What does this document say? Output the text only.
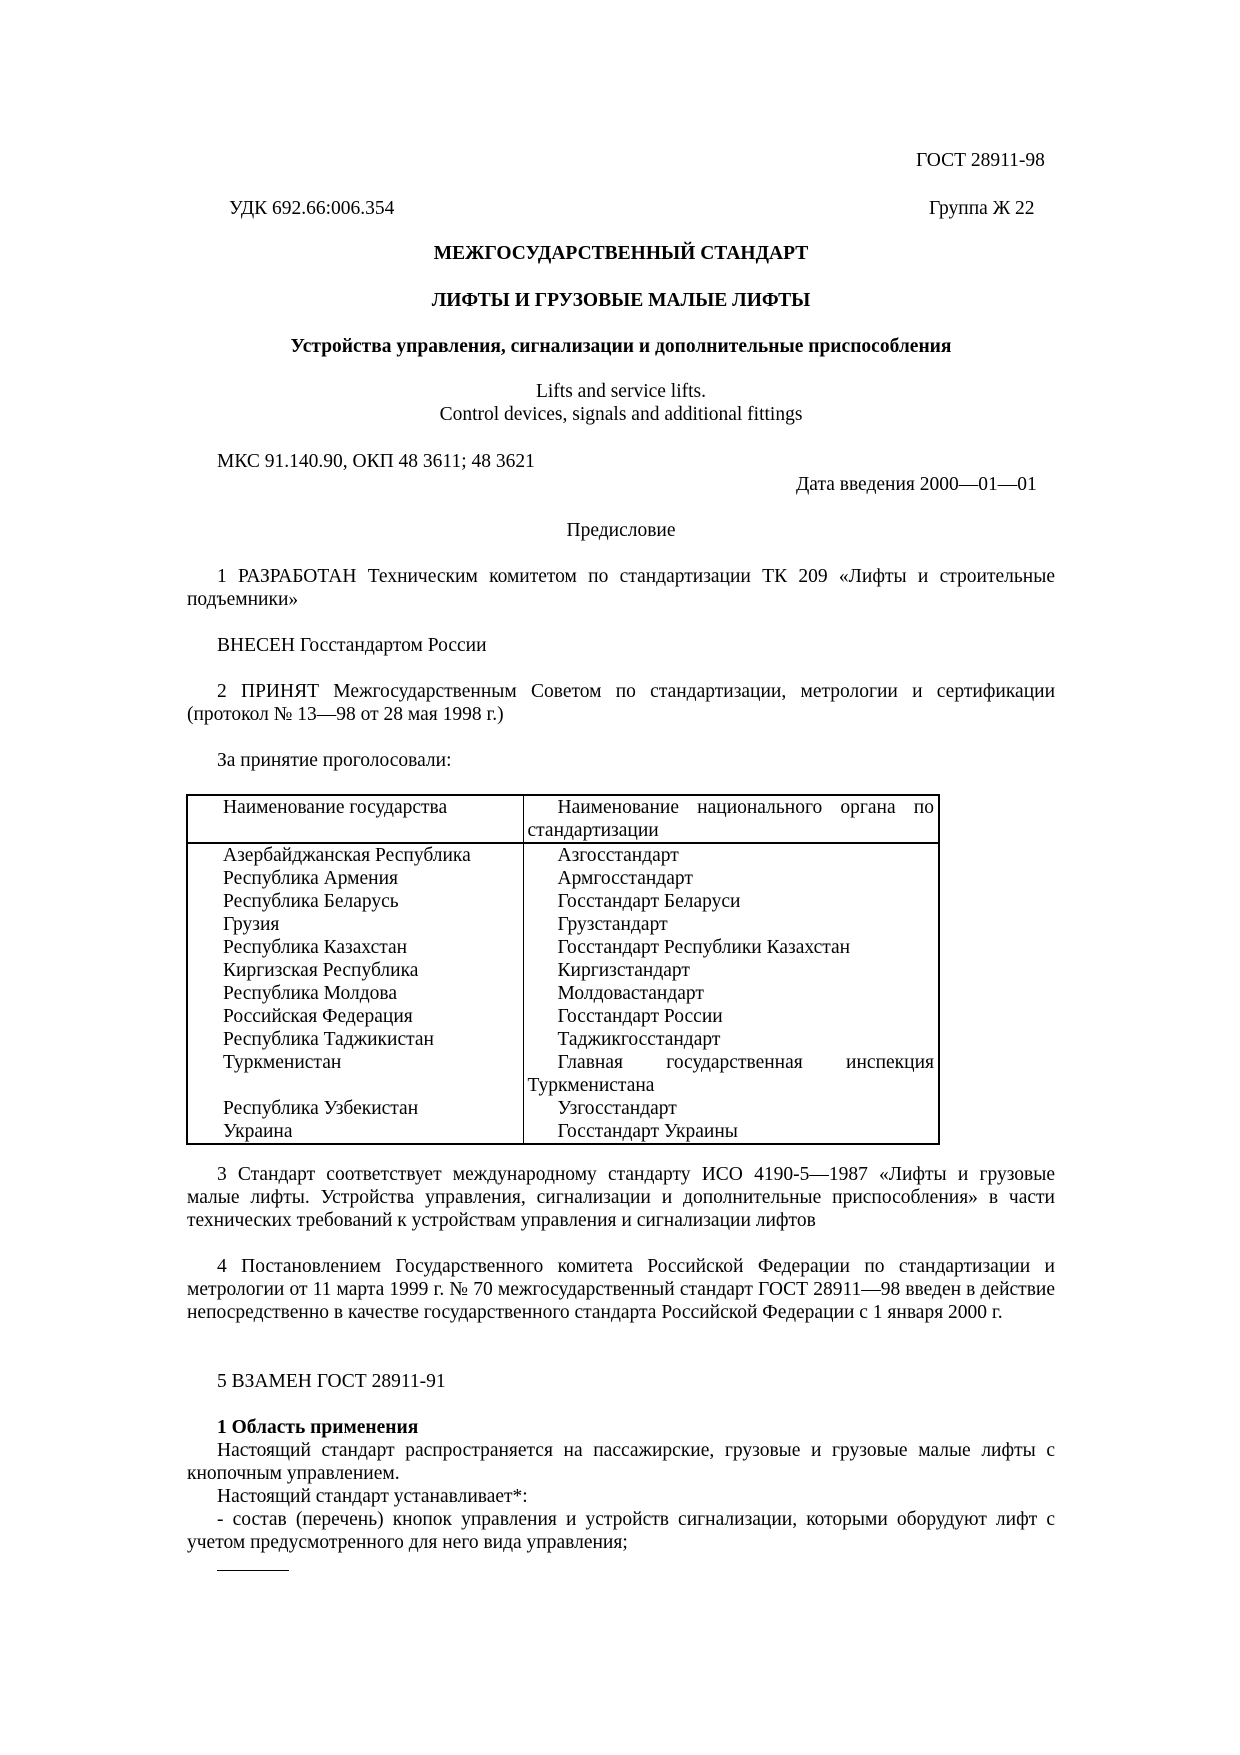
ГОСТ 28911-98
УДК 692.66:006.354	Группа Ж 22
МЕЖГОСУДАРСТВЕННЫЙ СТАНДАРТ
ЛИФТЫ И ГРУЗОВЫЕ МАЛЫЕ ЛИФТЫ
Устройства управления, сигнализации и дополнительные приспособления
Lifts and service lifts.
Control devices, signals and additional fittings
МКС 91.140.90, ОКП 48 3611; 48 3621
Дата введения 2000—01—01
Предисловие
1 РАЗРАБОТАН Техническим комитетом по стандартизации ТК 209 «Лифты и строительные подъемники»
ВНЕСЕН Госстандартом России
2 ПРИНЯТ Межгосударственным Советом по стандартизации, метрологии и сертификации (протокол № 13—98 от 28 мая 1998 г.)
За принятие проголосовали:
Наименование государства	Наименование национального органа по стандартизации
Азербайджанская Республика	Азгосстандарт
Республика Армения	Армгосстандарт
Республика Беларусь	Госстандарт Беларуси
Грузия	Грузстандарт
Республика Казахстан	Госстандарт Республики Казахстан
Киргизская Республика	Киргизстандарт
Республика Молдова	Молдовастандарт
Российская Федерация	Госстандарт России
Республика Таджикистан	Таджикгосстандарт
Туркменистан	Главная государственная инспекция Туркменистана
Республика Узбекистан	Узгосстандарт
Украина	Госстандарт Украины
3 Стандарт соответствует международному стандарту ИСО 4190-5—1987 «Лифты и грузовые малые лифты. Устройства управления, сигнализации и дополнительные приспособления» в части технических требований к устройствам управления и сигнализации лифтов
4 Постановлением Государственного комитета Российской Федерации по стандартизации и метрологии от 11 марта 1999 г. № 70 межгосударственный стандарт ГОСТ 28911—98 введен в действие непосредственно в качестве государственного стандарта Российской Федерации с 1 января 2000 г.
5 ВЗАМЕН ГОСТ 28911-91
1 Область применения
Настоящий стандарт распространяется на пассажирские, грузовые и грузовые малые лифты с кнопочным управлением.
Настоящий стандарт устанавливает*:
- состав (перечень) кнопок управления и устройств сигнализации, которыми оборудуют лифт с учетом предусмотренного для него вида управления;
